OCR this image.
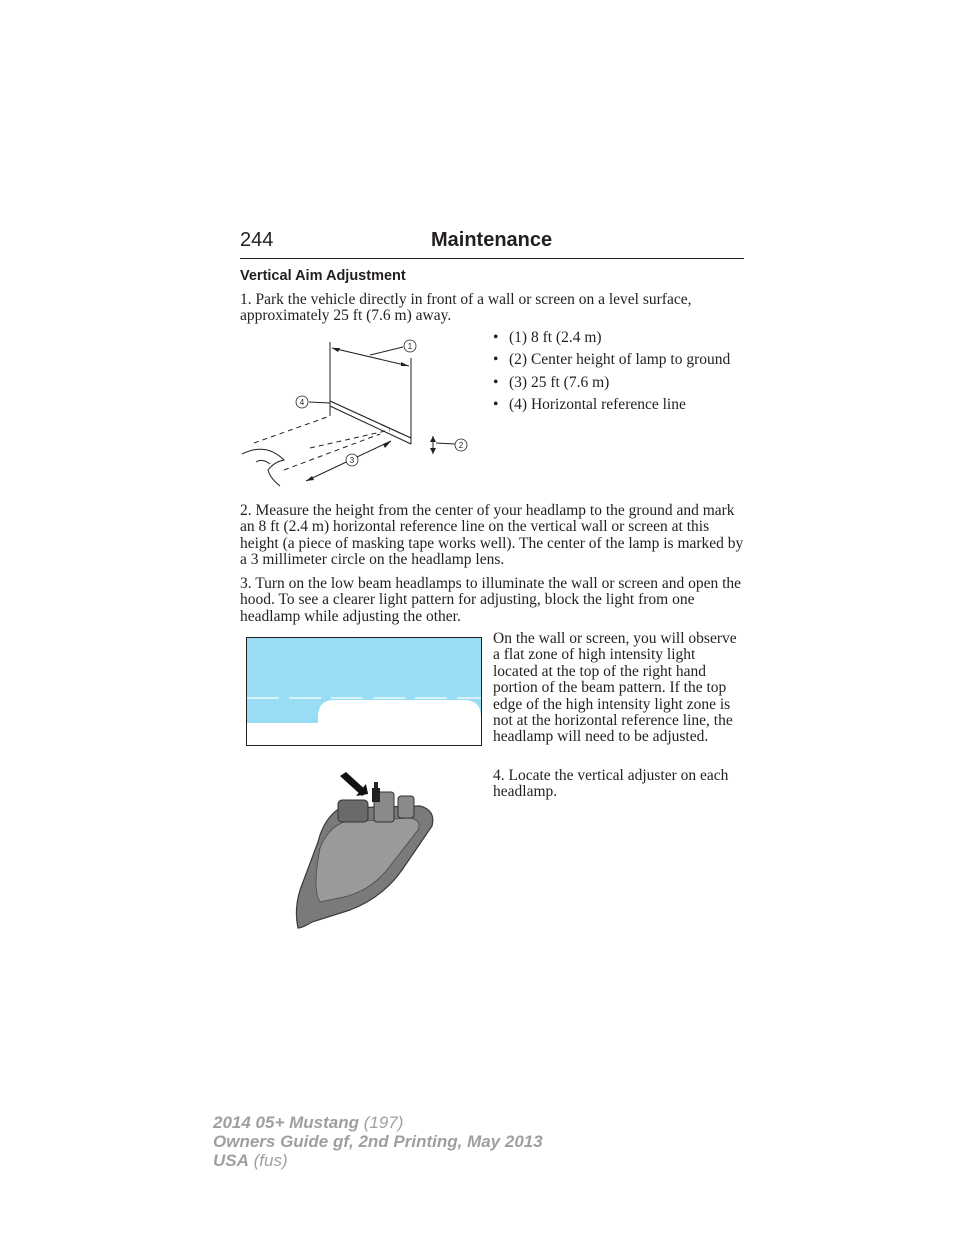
244	Maintenance
Vertical Aim Adjustment
1. Park the vehicle directly in front of a wall or screen on a level surface, approximately 25 ft (7.6 m) away.
1
2
3
4
• (1) 8 ft (2.4 m)
• (2) Center height of lamp to ground
• (3) 25 ft (7.6 m)
• (4) Horizontal reference line
2. Measure the height from the center of your headlamp to the ground and mark an 8 ft (2.4 m) horizontal reference line on the vertical wall or screen at this height (a piece of masking tape works well). The center of the lamp is marked by a 3 millimeter circle on the headlamp lens.
3. Turn on the low beam headlamps to illuminate the wall or screen and open the hood. To see a clearer light pattern for adjusting, block the light from one headlamp while adjusting the other.
On the wall or screen, you will observe a flat zone of high intensity light located at the top of the right hand portion of the beam pattern. If the top edge of the high intensity light zone is not at the horizontal reference line, the headlamp will need to be adjusted.
4. Locate the vertical adjuster on each headlamp.
2014 05+ Mustang (197)
Owners Guide gf, 2nd Printing, May 2013
USA (fus)
